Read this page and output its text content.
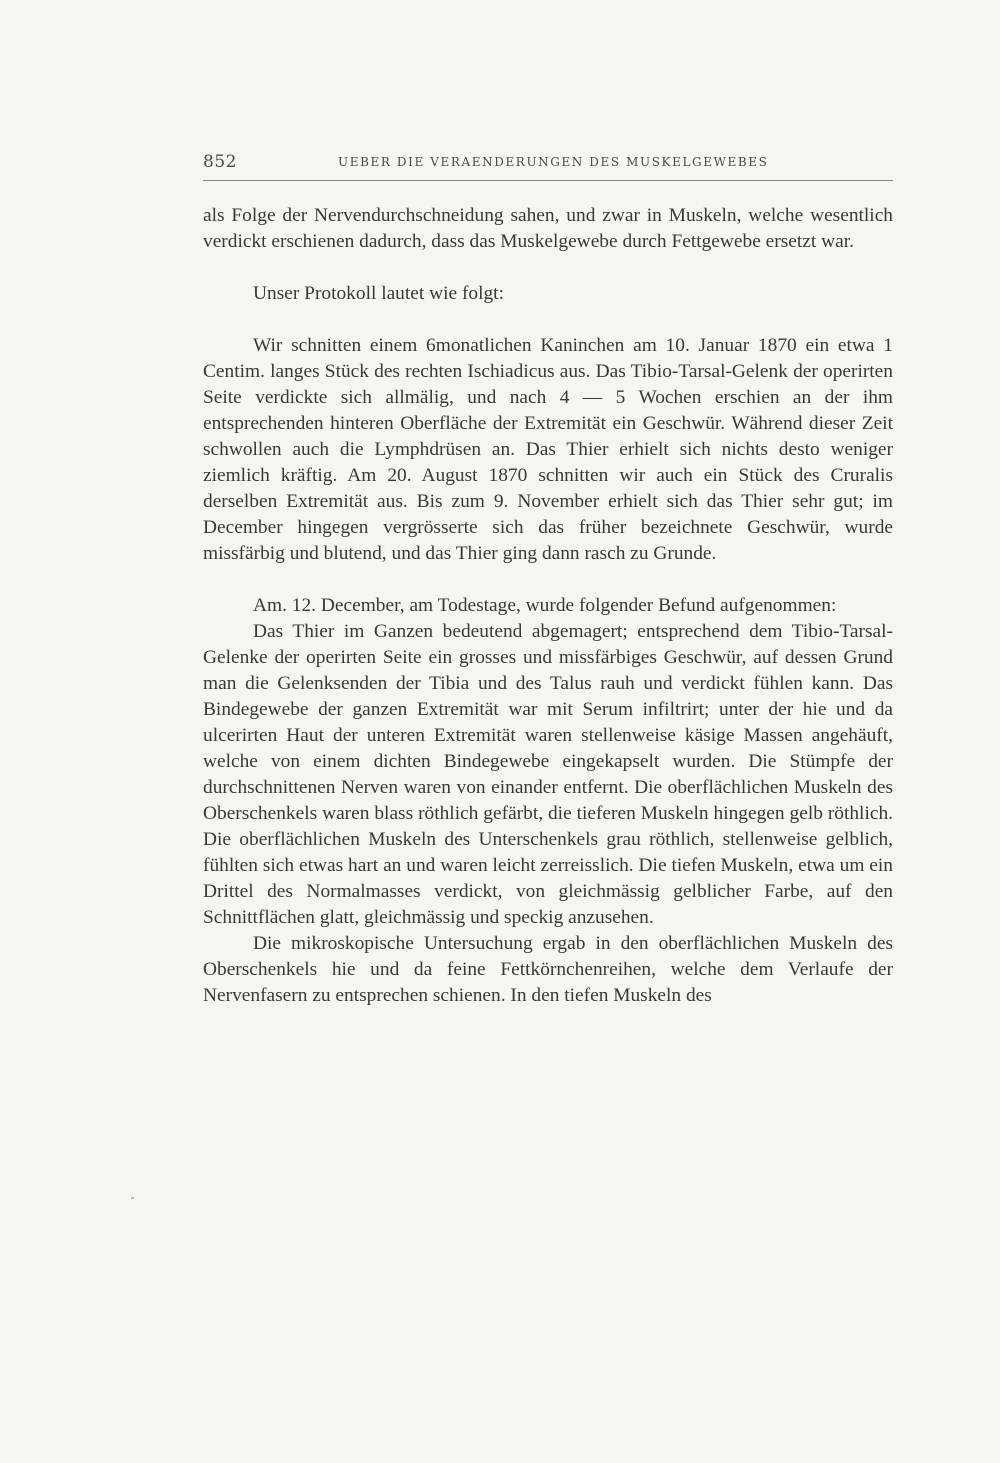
852	UEBER DIE VERAENDERUNGEN DES MUSKELGEWEBES

als Folge der Nervendurchschneidung sahen, und zwar in Muskeln, welche wesentlich verdickt erschienen dadurch, dass das Muskelgewebe durch Fettgewebe ersetzt war.

Unser Protokoll lautet wie folgt:

Wir schnitten einem 6monatlichen Kaninchen am 10. Januar 1870 ein etwa 1 Centim. langes Stück des rechten Ischiadicus aus. Das Tibio-Tarsal-Gelenk der operirten Seite verdickte sich allmälig, und nach 4 — 5 Wochen erschien an der ihm entsprechenden hinteren Oberfläche der Extremität ein Geschwür. Während dieser Zeit schwollen auch die Lymphdrüsen an. Das Thier erhielt sich nichts desto weniger ziemlich kräftig. Am 20. August 1870 schnitten wir auch ein Stück des Cruralis derselben Extremität aus. Bis zum 9. November erhielt sich das Thier sehr gut; im December hingegen vergrösserte sich das früher bezeichnete Geschwür, wurde missfärbig und blutend, und das Thier ging dann rasch zu Grunde.

Am. 12. December, am Todestage, wurde folgender Befund aufgenommen:

Das Thier im Ganzen bedeutend abgemagert; entsprechend dem Tibio-Tarsal-Gelenke der operirten Seite ein grosses und missfärbiges Geschwür, auf dessen Grund man die Gelenksenden der Tibia und des Talus rauh und verdickt fühlen kann. Das Bindegewebe der ganzen Extremität war mit Serum infiltrirt; unter der hie und da ulcerirten Haut der unteren Extremität waren stellenweise käsige Massen angehäuft, welche von einem dichten Bindegewebe eingekapselt wurden. Die Stümpfe der durchschnittenen Nerven waren von einander entfernt. Die oberflächlichen Muskeln des Oberschenkels waren blass röthlich gefärbt, die tieferen Muskeln hingegen gelb röthlich. Die oberflächlichen Muskeln des Unterschenkels grau röthlich, stellenweise gelblich, fühlten sich etwas hart an und waren leicht zerreisslich. Die tiefen Muskeln, etwa um ein Drittel des Normalmasses verdickt, von gleichmässig gelblicher Farbe, auf den Schnittflächen glatt, gleichmässig und speckig anzusehen.

Die mikroskopische Untersuchung ergab in den oberflächlichen Muskeln des Oberschenkels hie und da feine Fettkörnchenreihen, welche dem Verlaufe der Nervenfasern zu entsprechen schienen. In den tiefen Muskeln des
